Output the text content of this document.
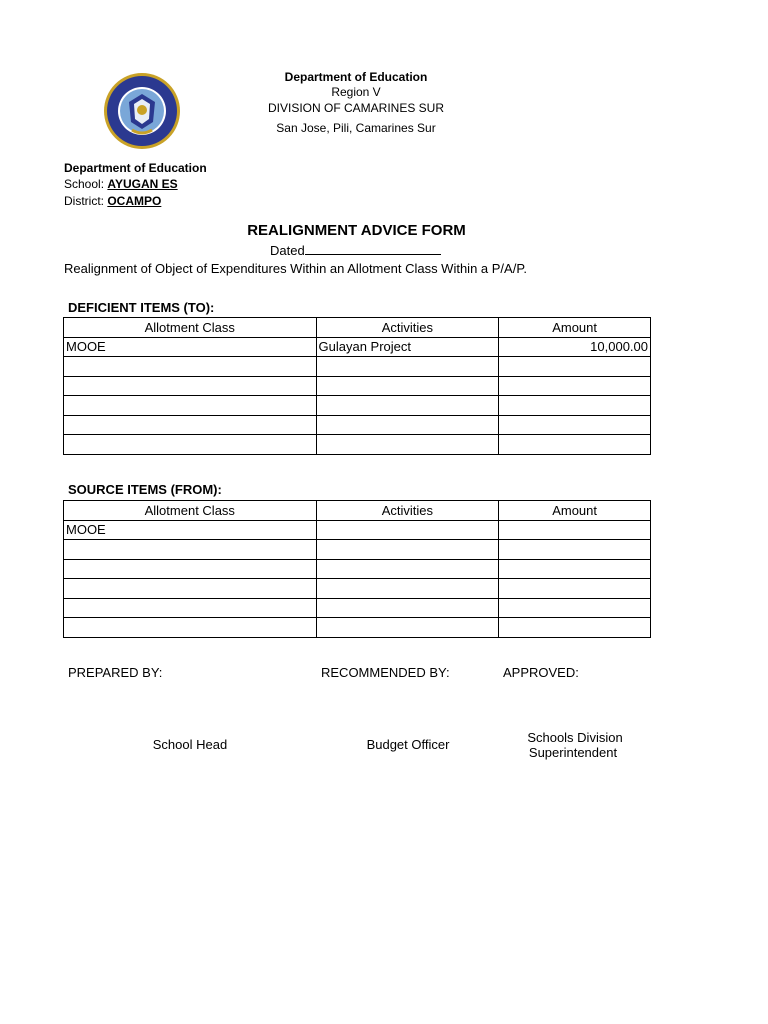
Department of Education
Region V
DIVISION OF CAMARINES SUR
San Jose, Pili, Camarines Sur
Department of Education
School: AYUGAN ES
District: OCAMPO
REALIGNMENT ADVICE FORM
Dated
Realignment of Object of Expenditures Within an Allotment Class Within a P/A/P.
DEFICIENT ITEMS (TO):
Allotment Class	Activities	Amount
MOOE	Gulayan Project	10,000.00

SOURCE ITEMS (FROM):
Allotment Class	Activities	Amount
MOOE		

PREPARED BY:	RECOMMENDED BY:	APPROVED:
School Head	Budget Officer	Schools Division
Superintendent
